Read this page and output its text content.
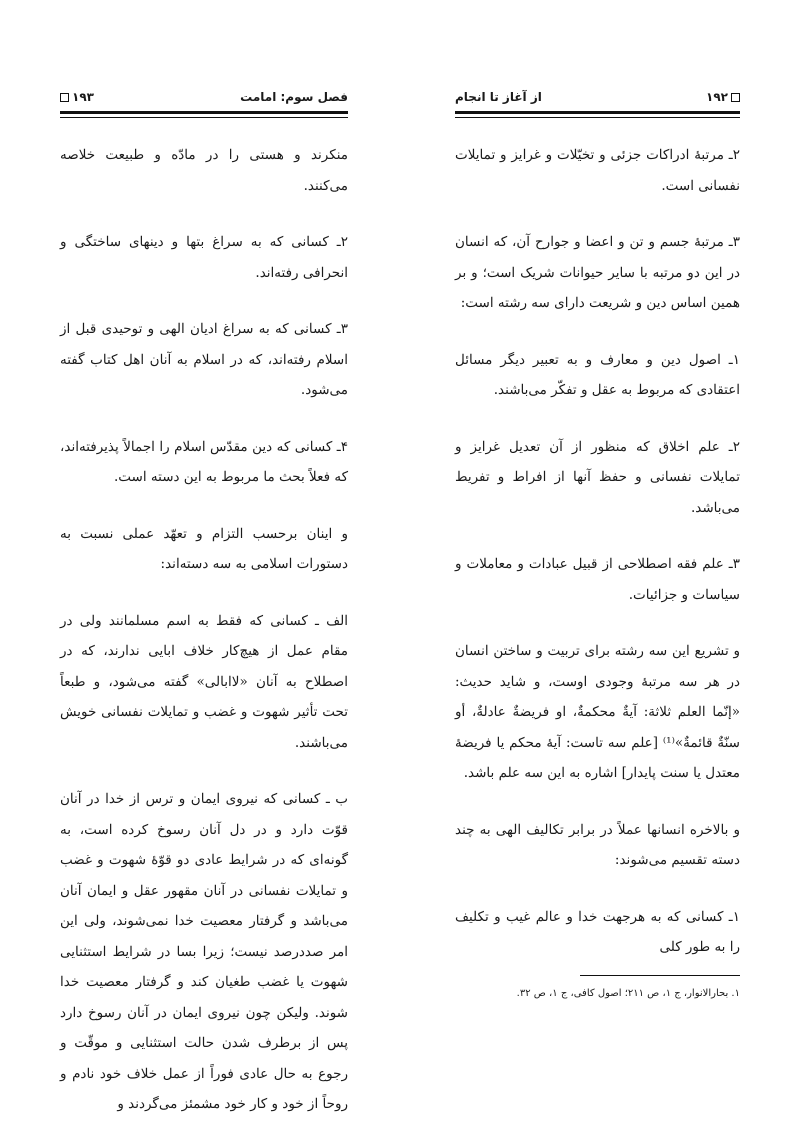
۱۹۳	فصل سوم: امامت

منکرند و هستی را در مادّه و طبیعت خلاصه می‌کنند.

۲ـ کسانی که به سراغ بتها و دینهای ساختگی و انحرافی رفته‌اند.

۳ـ کسانی که به سراغ ادیان الهی و توحیدی قبل از اسلام رفته‌اند، که در اسلام به آنان اهل کتاب گفته می‌شود.

۴ـ کسانی که دین مقدّس اسلام را اجمالاً پذیرفته‌اند، که فعلاً بحث ما مربوط به این دسته است.

و اینان برحسب التزام و تعهّد عملی نسبت به دستورات اسلامی به سه دسته‌اند:

الف ـ کسانی که فقط به اسم مسلمانند ولی در مقام عمل از هیچ‌کار خلاف ابایی ندارند، که در اصطلاح به آنان «لاابالی» گفته می‌شود، و طبعاً تحت تأثیر شهوت و غضب و تمایلات نفسانی خویش می‌باشند.

ب ـ کسانی که نیروی ایمان و ترس از خدا در آنان قوّت دارد و در دل آنان رسوخ کرده است، به گونه‌ای که در شرایط عادی دو قوّهٔ شهوت و غضب و تمایلات نفسانی در آنان مقهور عقل و ایمان آنان می‌باشد و گرفتار معصیت خدا نمی‌شوند، ولی این امر صددرصد نیست؛ زیرا بسا در شرایط استثنایی شهوت یا غضب طغیان کند و گرفتار معصیت خدا شوند. ولیکن چون نیروی ایمان در آنان رسوخ دارد پس از برطرف شدن حالت استثنایی و موقّت و رجوع به حال عادی فوراً از عمل خلاف خود نادم و روحاً از خود و کار خود مشمئز می‌گردند و

از آغاز تا انجام	۱۹۲

۲ـ مرتبهٔ ادراکات جزئی و تخیّلات و غرایز و تمایلات نفسانی است.

۳ـ مرتبهٔ جسم و تن و اعضا و جوارح آن، که انسان در این دو مرتبه با سایر حیوانات شریک است؛ و بر همین اساس دین و شریعت دارای سه رشته است:

۱ـ اصول دین و معارف و به تعبیر دیگر مسائل اعتقادی که مربوط به عقل و تفکّر می‌باشند.

۲ـ علم اخلاق که منظور از آن تعدیل غرایز و تمایلات نفسانی و حفظ آنها از افراط و تفریط می‌باشد.

۳ـ علم فقه اصطلاحی از قبیل عبادات و معاملات و سیاسات و جزائیات.

و تشریع این سه رشته برای تربیت و ساختن انسان در هر سه مرتبهٔ وجودی اوست، و شاید حدیث: «إنّما العلم ثلاثة: آيةٌ محكمةٌ، او فريضةٌ عادلةٌ، أو سنّةٌ قائمةٌ»⁽¹⁾ [علم سه تاست: آیهٔ محکم یا فریضهٔ معتدل یا سنت پایدار] اشاره به این سه علم باشد.

و بالاخره انسانها عملاً در برابر تکالیف الهی به چند دسته تقسیم می‌شوند:

۱ـ کسانی که به هرجهت خدا و عالم غیب و تکلیف را به طور کلی

۱. بحارالانوار، ج ۱، ص ۲۱۱؛ اصول کافی، ج ۱، ص ۳۲.
